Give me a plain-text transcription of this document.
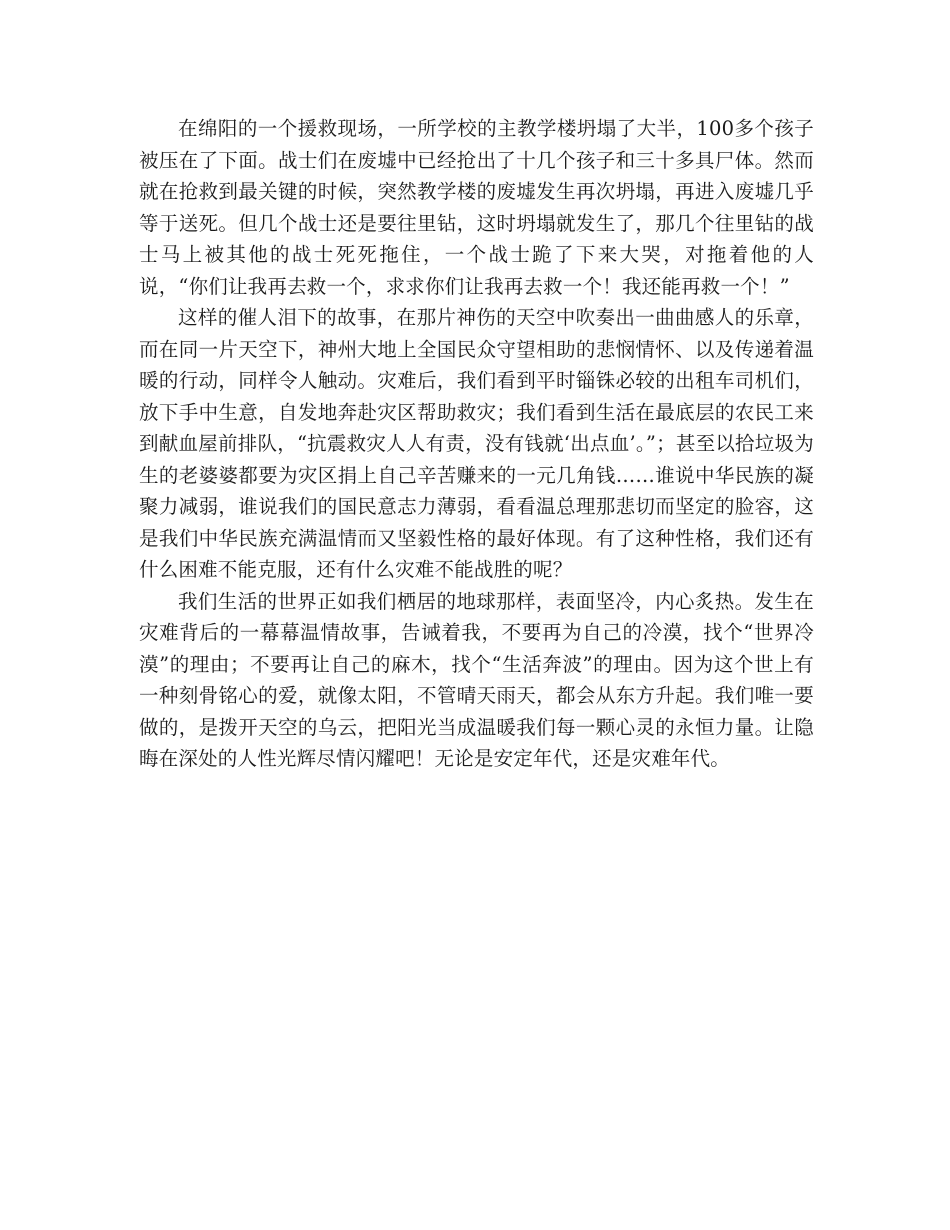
在绵阳的一个援救现场，一所学校的主教学楼坍塌了大半，100多个孩子被压在了下面。战士们在废墟中已经抢出了十几个孩子和三十多具尸体。然而就在抢救到最关键的时候，突然教学楼的废墟发生再次坍塌，再进入废墟几乎等于送死。但几个战士还是要往里钻，这时坍塌就发生了，那几个往里钻的战士马上被其他的战士死死拖住，一个战士跪了下来大哭，对拖着他的人说，“你们让我再去救一个，求求你们让我再去救一个！我还能再救一个！”

这样的催人泪下的故事，在那片神伤的天空中吹奏出一曲曲感人的乐章，而在同一片天空下，神州大地上全国民众守望相助的悲悯情怀、以及传递着温暖的行动，同样令人触动。灾难后，我们看到平时锱铢必较的出租车司机们，放下手中生意，自发地奔赴灾区帮助救灾；我们看到生活在最底层的农民工来到献血屋前排队，“抗震救灾人人有责，没有钱就‘出点血’。”；甚至以拾垃圾为生的老婆婆都要为灾区捐上自己辛苦赚来的一元几角钱……谁说中华民族的凝聚力减弱，谁说我们的国民意志力薄弱，看看温总理那悲切而坚定的脸容，这是我们中华民族充满温情而又坚毅性格的最好体现。有了这种性格，我们还有什么困难不能克服，还有什么灾难不能战胜的呢？

我们生活的世界正如我们栖居的地球那样，表面坚冷，内心炙热。发生在灾难背后的一幕幕温情故事，告诫着我，不要再为自己的冷漠，找个“世界冷漠”的理由；不要再让自己的麻木，找个“生活奔波”的理由。因为这个世上有一种刻骨铭心的爱，就像太阳，不管晴天雨天，都会从东方升起。我们唯一要做的，是拨开天空的乌云，把阳光当成温暖我们每一颗心灵的永恒力量。让隐晦在深处的人性光辉尽情闪耀吧！无论是安定年代，还是灾难年代。
